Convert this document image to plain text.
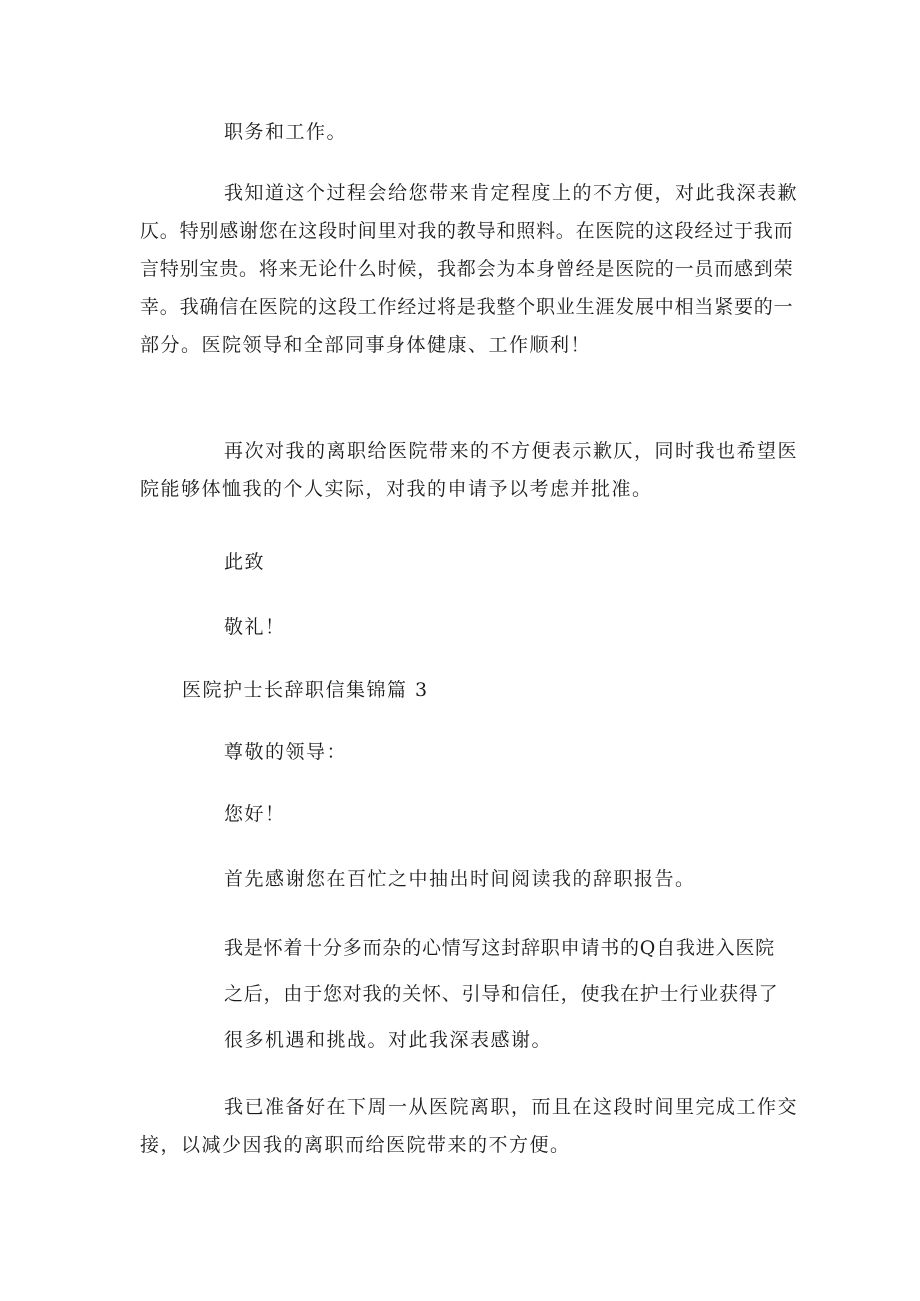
职务和工作。

我知道这个过程会给您带来肯定程度上的不方便，对此我深表歉
仄。特别感谢您在这段时间里对我的教导和照料。在医院的这段经过于我而
言特别宝贵。将来无论什么时候，我都会为本身曾经是医院的一员而感到荣
幸。我确信在医院的这段工作经过将是我整个职业生涯发展中相当紧要的一
部分。医院领导和全部同事身体健康、工作顺利！

再次对我的离职给医院带来的不方便表示歉仄，同时我也希望医
院能够体恤我的个人实际，对我的申请予以考虑并批准。

此致

敬礼！

医院护士长辞职信集锦篇 3

尊敬的领导：

您好！

首先感谢您在百忙之中抽出时间阅读我的辞职报告。

我是怀着十分多而杂的心情写这封辞职申请书的Q自我进入医院
之后，由于您对我的关怀、引导和信任，使我在护士行业获得了
很多机遇和挑战。对此我深表感谢。

我已准备好在下周一从医院离职，而且在这段时间里完成工作交
接，以减少因我的离职而给医院带来的不方便。
